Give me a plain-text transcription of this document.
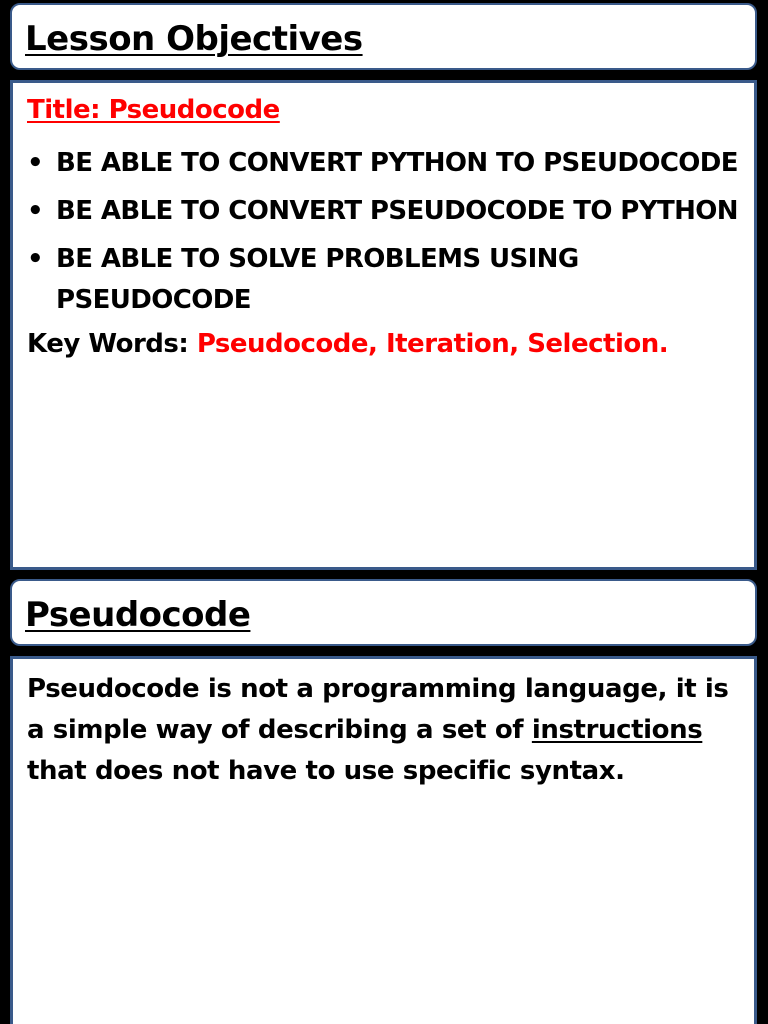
Lesson Objectives
Title: Pseudocode
• BE ABLE TO CONVERT PYTHON TO PSEUDOCODE
• BE ABLE TO CONVERT PSEUDOCODE TO PYTHON
• BE ABLE TO SOLVE PROBLEMS USING PSEUDOCODE
Key Words: Pseudocode, Iteration, Selection.
Pseudocode
Pseudocode is not a programming language, it is a simple way of describing a set of instructions that does not have to use specific syntax.
